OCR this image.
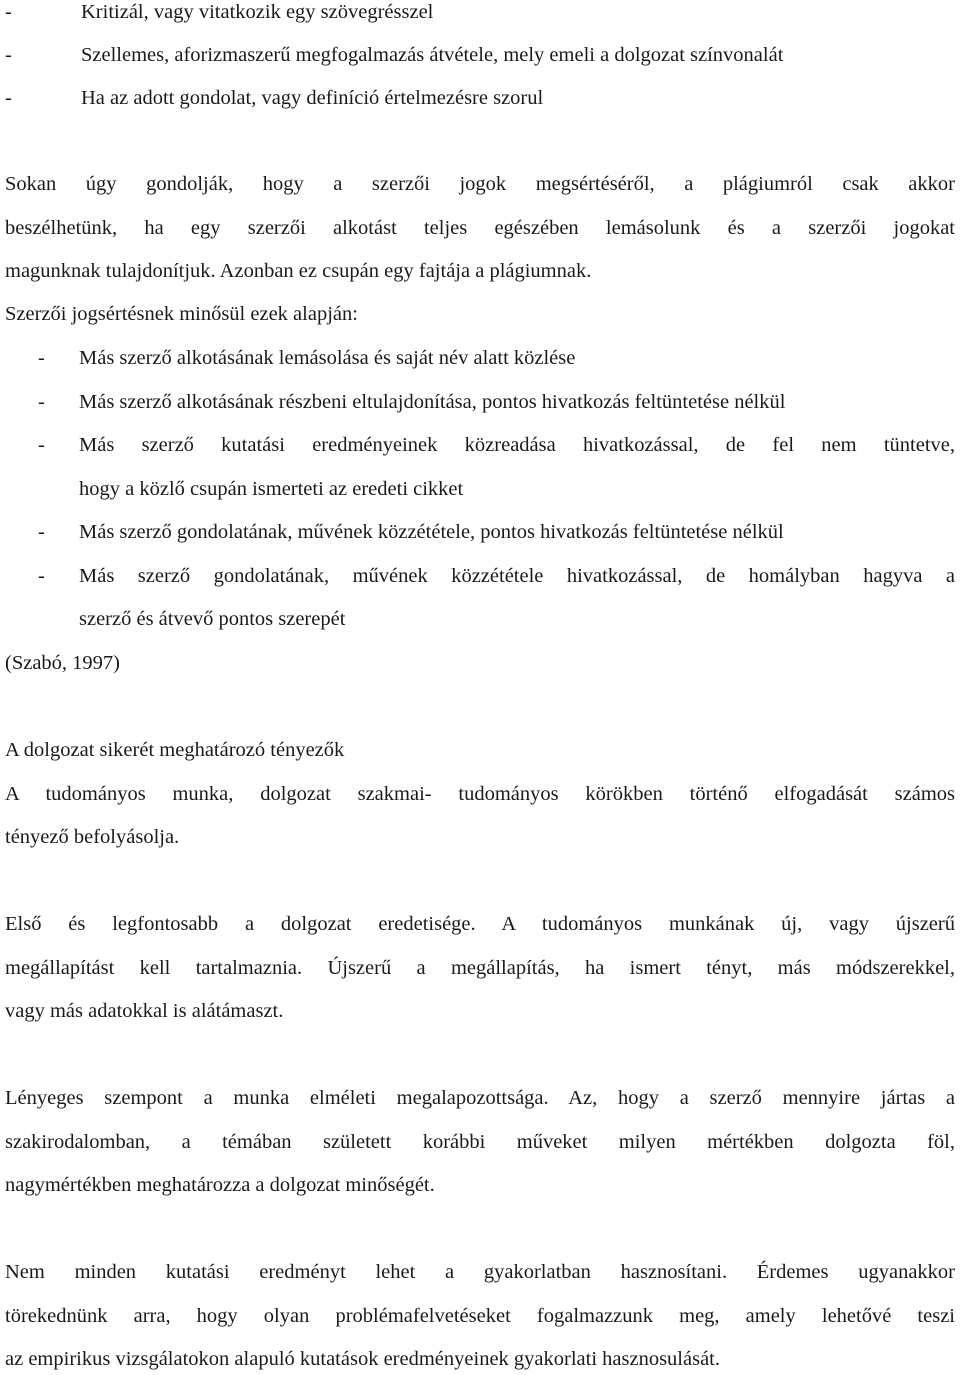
-	Kritizál, vagy vitatkozik egy szövegrésszel
-	Szellemes, aforizmaszerű megfogalmazás átvétele, mely emeli a dolgozat színvonalát
-	Ha az adott gondolat, vagy definíció értelmezésre szorul
Sokan úgy gondolják, hogy a szerzői jogok megsértéséről, a plágiumról csak akkor
beszélhetünk, ha egy szerzői alkotást teljes egészében lemásolunk és a szerzői jogokat
magunknak tulajdonítjuk. Azonban ez csupán egy fajtája a plágiumnak.
Szerzői jogsértésnek minősül ezek alapján:
- Más szerző alkotásának lemásolása és saját név alatt közlése
- Más szerző alkotásának részbeni eltulajdonítása, pontos hivatkozás feltüntetése nélkül
- Más szerző kutatási eredményeinek közreadása hivatkozással, de fel nem tüntetve,
hogy a közlő csupán ismerteti az eredeti cikket
- Más szerző gondolatának, művének közzététele, pontos hivatkozás feltüntetése nélkül
- Más szerző gondolatának, művének közzététele hivatkozással, de homályban hagyva a
szerző és átvevő pontos szerepét
(Szabó, 1997)
A dolgozat sikerét meghatározó tényezők
A tudományos munka, dolgozat szakmai- tudományos körökben történő elfogadását számos
tényező befolyásolja.
Első és legfontosabb a dolgozat eredetisége. A tudományos munkának új, vagy újszerű
megállapítást kell tartalmaznia. Újszerű a megállapítás, ha ismert tényt, más módszerekkel,
vagy más adatokkal is alátámaszt.
Lényeges szempont a munka elméleti megalapozottsága. Az, hogy a szerző mennyire jártas a
szakirodalomban, a témában született korábbi műveket milyen mértékben dolgozta föl,
nagymértékben meghatározza a dolgozat minőségét.
Nem minden kutatási eredményt lehet a gyakorlatban hasznosítani. Érdemes ugyanakkor
törekednünk arra, hogy olyan problémafelvetéseket fogalmazzunk meg, amely lehetővé teszi
az empirikus vizsgálatokon alapuló kutatások eredményeinek gyakorlati hasznosulását.
